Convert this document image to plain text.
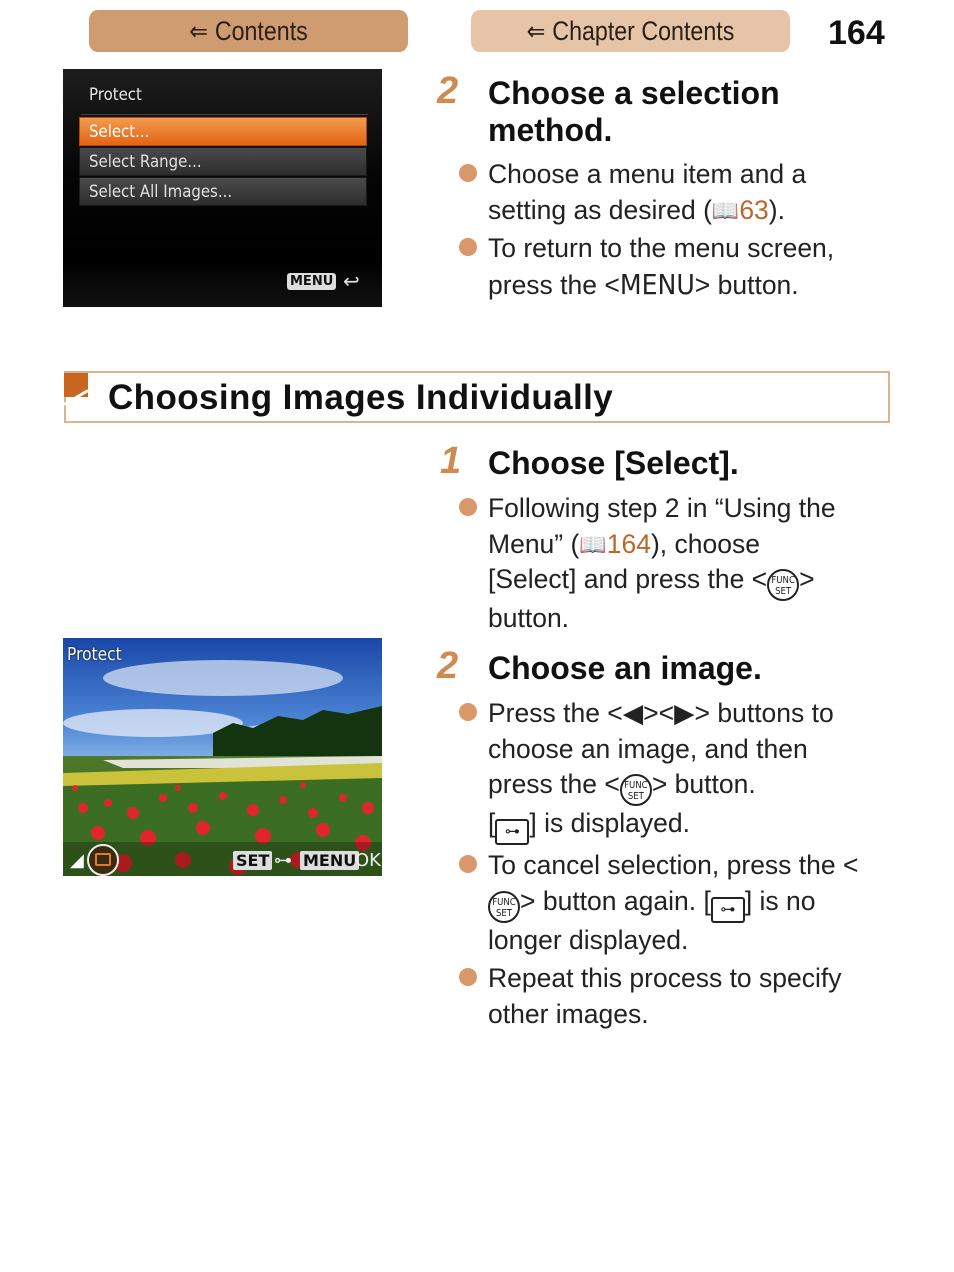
⇐ Contents	⇐ Chapter Contents	164
Protect
Select...
Select Range...
Select All Images...
MENU ↩
2 Choose a selection
method.
Choose a menu item and a setting as desired (📖63).
To return to the menu screen, press the <MENU> button.
Choosing Images Individually
1 Choose [Select].
Following step 2 in “Using the Menu” (📖164), choose [Select] and press the < FUNC
SET > button.
Protect
◢	SET ⊶ MENU
OK
2 Choose an image.
Press the <◀><▶> buttons to choose an image, and then press the < FUNC
SET > button.
[ ⊶ ] is displayed.
To cancel selection, press the <FUNC
SET > button again. [ ⊶ ] is no longer displayed.
Repeat this process to specify other images.
